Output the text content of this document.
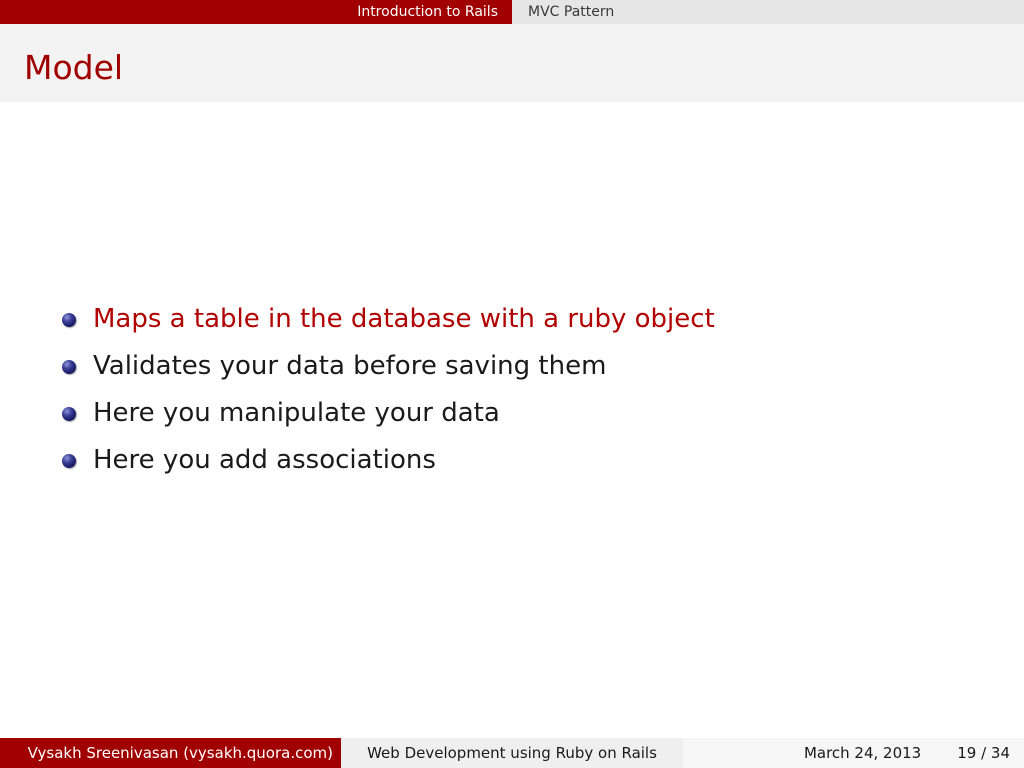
Introduction to Rails	MVC Pattern
Model
Maps a table in the database with a ruby object
Validates your data before saving them
Here you manipulate your data
Here you add associations
Vysakh Sreenivasan (vysakh.quora.com) Web Development using Ruby on Rails	March 24, 2013 19 / 34
